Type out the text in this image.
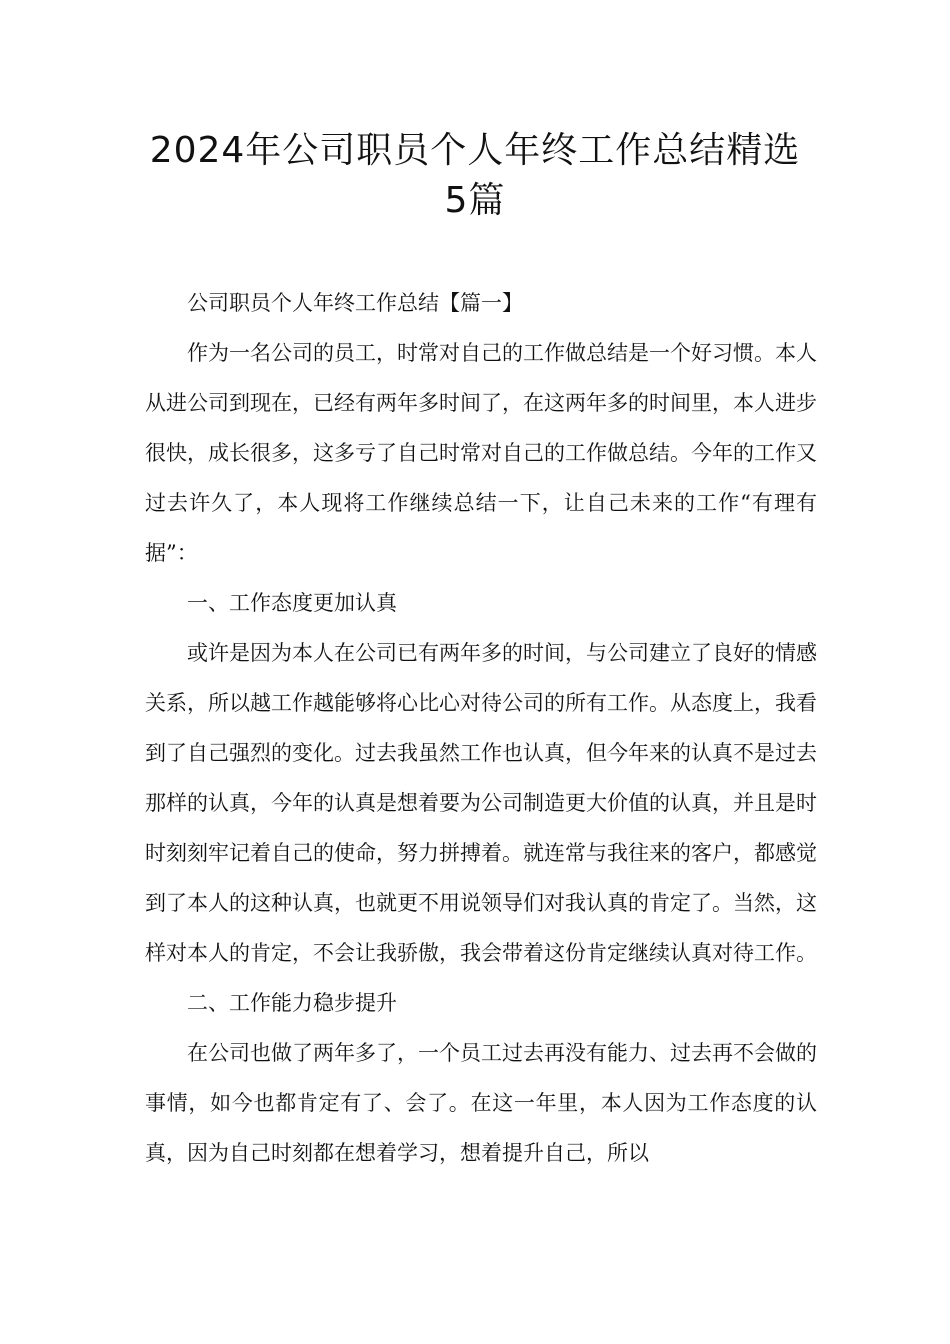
2024年公司职员个人年终工作总结精选
5篇

公司职员个人年终工作总结【篇一】

作为一名公司的员工，时常对自己的工作做总结是一个好习惯。本人从进公司到现在，已经有两年多时间了，在这两年多的时间里，本人进步很快，成长很多，这多亏了自己时常对自己的工作做总结。今年的工作又过去许久了，本人现将工作继续总结一下，让自己未来的工作“有理有据”：

一、工作态度更加认真

或许是因为本人在公司已有两年多的时间，与公司建立了良好的情感关系，所以越工作越能够将心比心对待公司的所有工作。从态度上，我看到了自己强烈的变化。过去我虽然工作也认真，但今年来的认真不是过去那样的认真，今年的认真是想着要为公司制造更大价值的认真，并且是时时刻刻牢记着自己的使命，努力拼搏着。就连常与我往来的客户，都感觉到了本人的这种认真，也就更不用说领导们对我认真的肯定了。当然，这样对本人的肯定，不会让我骄傲，我会带着这份肯定继续认真对待工作。

二、工作能力稳步提升

在公司也做了两年多了，一个员工过去再没有能力、过去再不会做的事情，如今也都肯定有了、会了。在这一年里，本人因为工作态度的认真，因为自己时刻都在想着学习，想着提升自己，所以
